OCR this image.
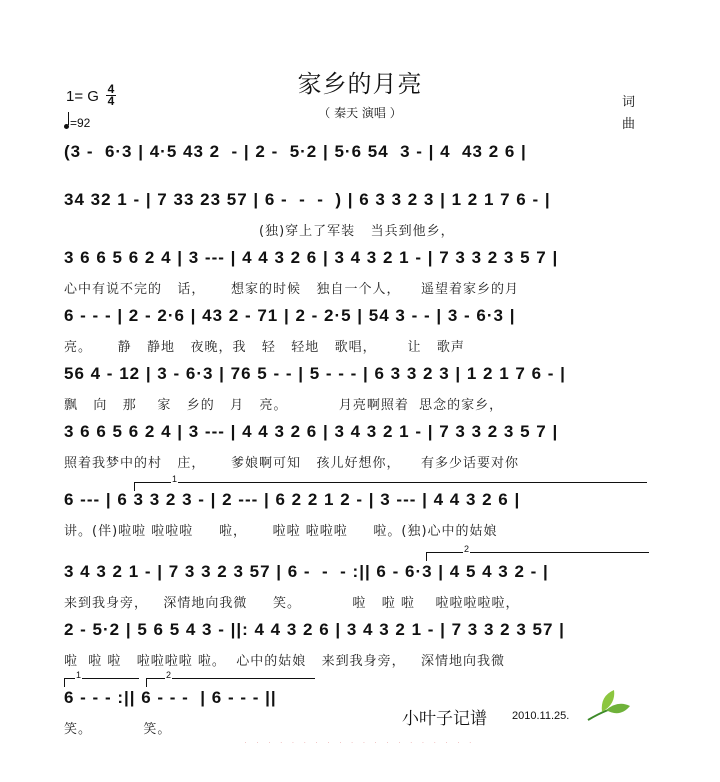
家乡的月亮
（ 秦天 演唱 ）
1= G 4
4
=92
词
曲
(3 -  6·3 | 4·5 43 2  - | 2 -  5·2 | 5·6 54  3 - | 4  43 2 6 |
34 32 1 - | 7 33 23 57 | 6 -  -  -  ) | 6 3 3 2 3 | 1 2 1 7 6 - |
(独)穿上了军装   当兵到他乡，
3 6 6 5 6 2 4 | 3 --- | 4 4 3 2 6 | 3 4 3 2 1 - | 7 3 3 2 3 5 7 |
心中有说不完的   话，     想家的时候   独自一个人，    遥望着家乡的月
6 - - - | 2 - 2·6 | 43 2 - 71 | 2 - 2·5 | 54 3 - - | 3 - 6·3 |
亮。     静   静地   夜晚，我   轻   轻地   歌唱，      让   歌声
56 4 - 12 | 3 - 6·3 | 76 5 - - | 5 - - - | 6 3 3 2 3 | 1 2 1 7 6 - |
飘   向   那    家   乡的   月   亮。          月亮啊照着  思念的家乡，
3 6 6 5 6 2 4 | 3 --- | 4 4 3 2 6 | 3 4 3 2 1 - | 7 3 3 2 3 5 7 |
照着我梦中的村   庄，     爹娘啊可知   孩儿好想你，    有多少话要对你
1
6 --- | 6 3 3 2 3 - | 2 --- | 6 2 2 1 2 - | 3 --- | 4 4 3 2 6 |
讲。(伴)啦啦 啦啦啦     啦，     啦啦 啦啦啦     啦。(独)心中的姑娘
2
3 4 3 2 1 - | 7 3 3 2 3 57 | 6 -  -  - :|| 6 - 6·3 | 4 5 4 3 2 - |
来到我身旁，   深情地向我微     笑。          啦   啦 啦    啦啦啦啦啦，
2 - 5·2 | 5 6 5 4 3 - ||: 4 4 3 2 6 | 3 4 3 2 1 - | 7 3 3 2 3 57 |
啦  啦 啦   啦啦啦啦 啦。  心中的姑娘   来到我身旁，   深情地向我微
1	2
6 - - - :|| 6 - - -  | 6 - - - ||
笑。          笑。
小叶子记谱 2010.11.25.
· · · · · · · · · · · · · · · · · · · ·
